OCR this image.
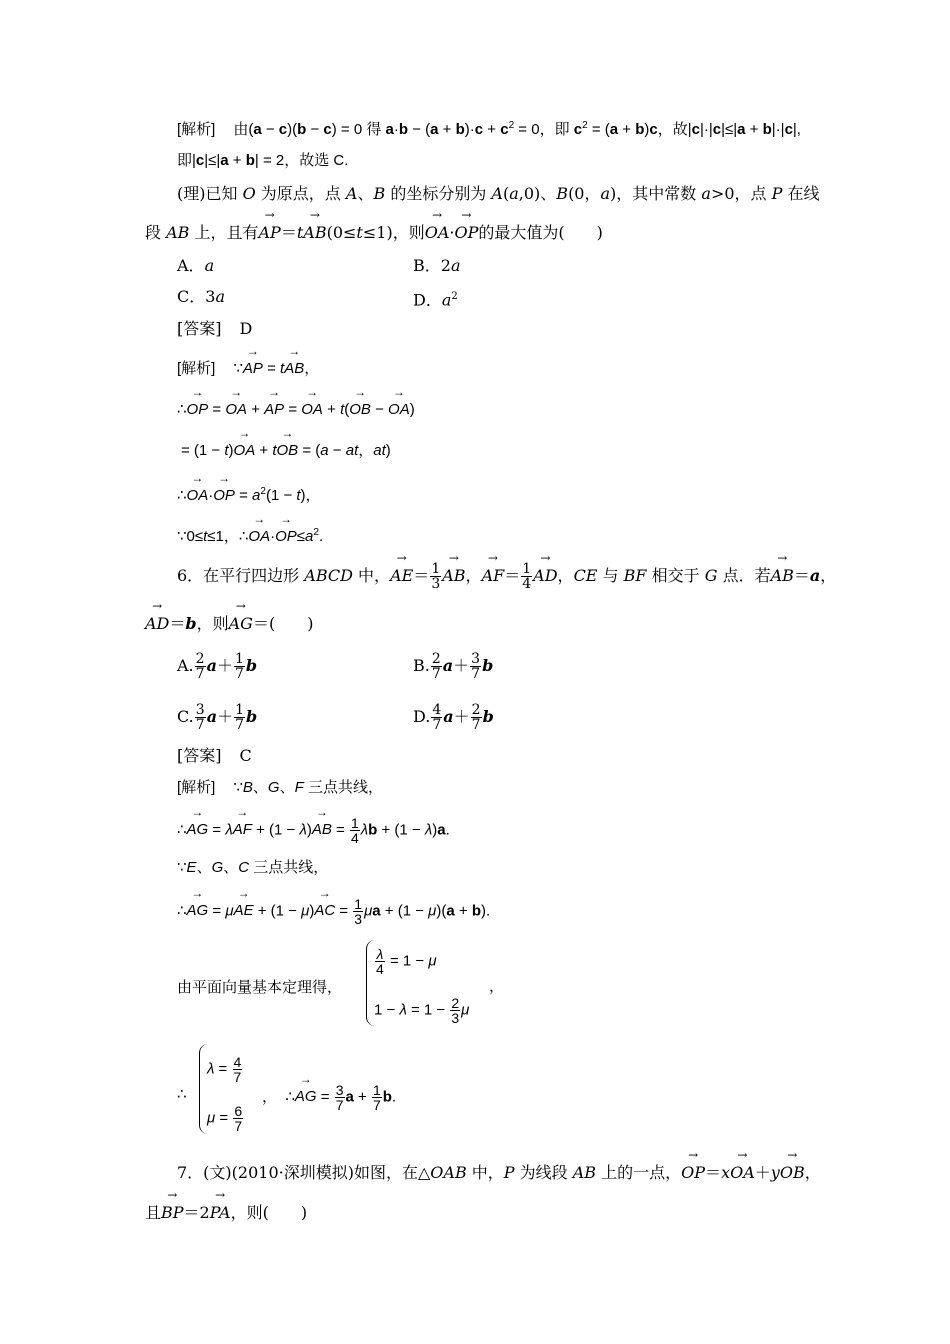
[解析] 由(a − c)(b − c) = 0 得 $a\cdot b - (a + b)\cdot c + c^2 = 0$，即 $c^2 = (a + b)c$，故|c|·|c|≤|a + b|·|c|,
即|c|≤|a + b| = 2，故选 C.
(理)已知 O 为原点，点 A、B 的坐标分别为 A(a,0)、B(0，a)，其中常数 a>0，点 P 在线
段 AB 上，且有→ AP＝t→ AB(0≤t≤1)，则→ OA·→ OP的最大值为(　　)
A．a	B．2a
C．3a	D．$a^2$
[答案] D
[解析] ∵→ AP = t→ AB，
∴→ OP = → OA + → AP = → OA + t(→ OB − → OA)
= (1 − t)→ OA + t→ OB = (a − at，at)
∴→ OA·→ OP = $a^2(1 - t)$，
∵0≤t≤1，∴→ $OA\cdot\to OP\le a^2$.
6．在平行四边形 ABCD 中，→ $AE= \frac{1}{3}$ → AB，→ $AF= \frac{1}{4}$ → AD，CE 与 BF 相交于 G 点．若→ AB＝a，
→ AD＝b，则→ AG＝(　　)
A. $\frac{2}{7} a+ \frac{1}{7}$ b	B. $\frac{2}{7} a+ \frac{3}{7}$ b
C. $\frac{3}{7} a+ \frac{1}{7}$ b	D. $\frac{4}{7} a+ \frac{2}{7}$ b
[答案] C
[解析] ∵B、G、F 三点共线，
∴→ AG = λ→ AF + (1 − λ)→ AB = $\frac{1}{4}$ λb + (1 − λ)a.
∵E、G、C 三点共线，
∴→ AG = μ→ AE + (1 − μ)→ AC = $\frac{1}{3}$ μa + (1 − μ)(a + b).
由平面向量基本定理得，
$\frac{\lambda}{4} = 1 - \mu$
$1 - \lambda = 1 - \frac{2}{3}$ μ
，
∴
$\lambda = \frac{4}{7}$
$\mu = \frac{6}{7}$
， ∴→ AG = $\frac{3}{7}$ $a + \frac{1}{7} b$.
7．(文)(2010·深圳模拟)如图，在△OAB 中，P 为线段 AB 上的一点，→ OP＝x→ OA＋y→ OB，
且→ BP＝2→ PA，则(　　)
